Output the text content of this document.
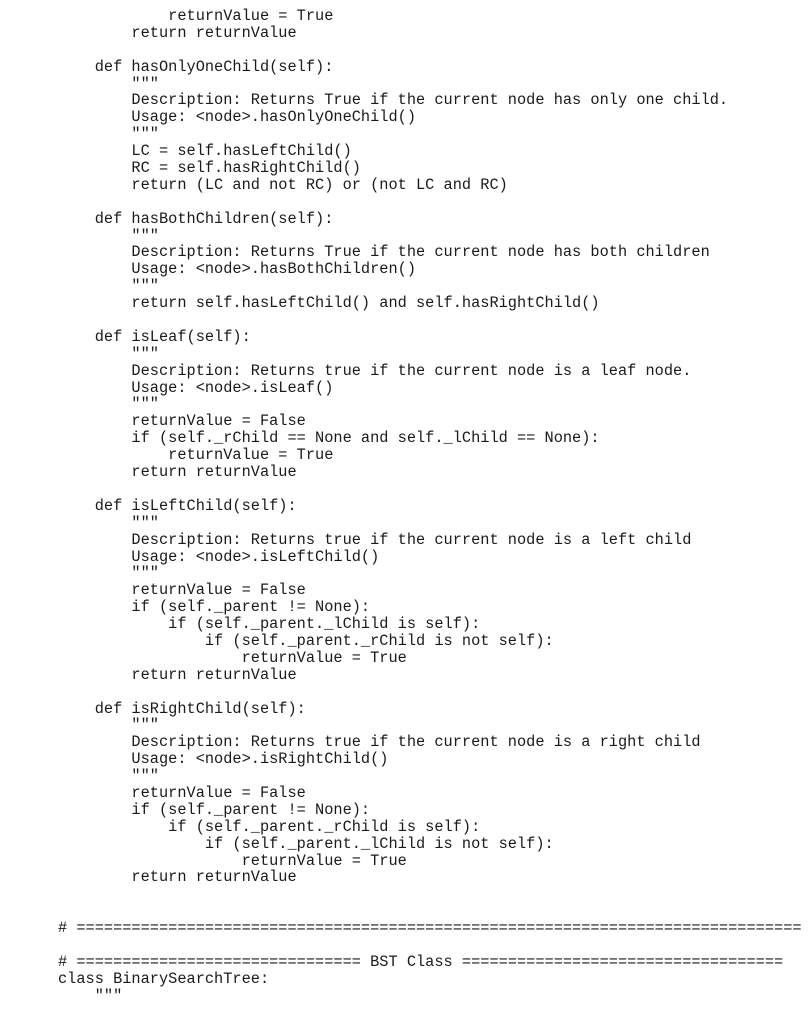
returnValue = True
return returnValue
def hasOnlyOneChild(self):
"""
Description: Returns True if the current node has only one child.
Usage: <node>.hasOnlyOneChild()
"""
LC = self.hasLeftChild()
RC = self.hasRightChild()
return (LC and not RC) or (not LC and RC)
def hasBothChildren(self):
"""
Description: Returns True if the current node has both children
Usage: <node>.hasBothChildren()
"""
return self.hasLeftChild() and self.hasRightChild()
def isLeaf(self):
"""
Description: Returns true if the current node is a leaf node.
Usage: <node>.isLeaf()
"""
returnValue = False
if (self._rChild == None and self._lChild == None):
returnValue = True
return returnValue
def isLeftChild(self):
"""
Description: Returns true if the current node is a left child
Usage: <node>.isLeftChild()
"""
returnValue = False
if (self._parent != None):
if (self._parent._lChild is self):
if (self._parent._rChild is not self):
returnValue = True
return returnValue
def isRightChild(self):
"""
Description: Returns true if the current node is a right child
Usage: <node>.isRightChild()
"""
returnValue = False
if (self._parent != None):
if (self._parent._rChild is self):
if (self._parent._lChild is not self):
returnValue = True
return returnValue
# ===============================================================================
# =============================== BST Class ===================================
class BinarySearchTree:
"""
